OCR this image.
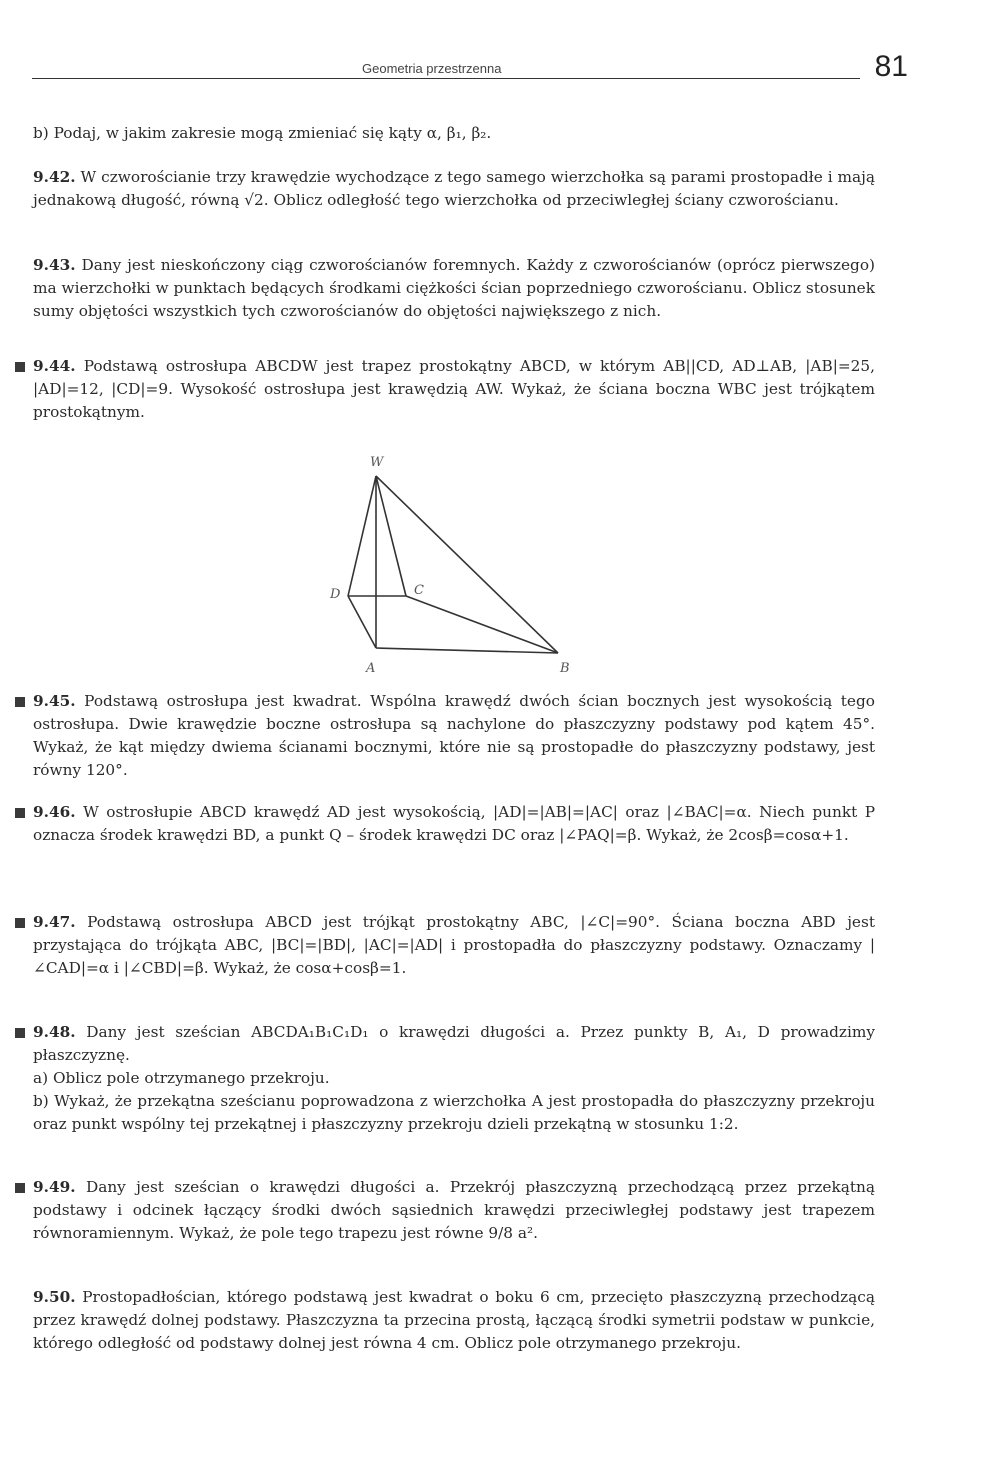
Geometria przestrzenna	81

b) Podaj, w jakim zakresie mogą zmieniać się kąty α, β₁, β₂.

9.42. W czworościanie trzy krawędzie wychodzące z tego samego wierzchołka są parami prostopadłe i mają jednakową długość, równą √2. Oblicz odległość tego wierzchołka od przeciwległej ściany czworościanu.

9.43. Dany jest nieskończony ciąg czworościanów foremnych. Każdy z czworościanów (oprócz pierwszego) ma wierzchołki w punktach będących środkami ciężkości ścian poprzedniego czworościanu. Oblicz stosunek sumy objętości wszystkich tych czworościanów do objętości największego z nich.

9.44. Podstawą ostrosłupa ABCDW jest trapez prostokątny ABCD, w którym AB||CD, AD⊥AB, |AB|=25, |AD|=12, |CD|=9. Wysokość ostrosłupa jest krawędzią AW. Wykaż, że ściana boczna WBC jest trójkątem prostokątnym.

W
D	C
A	B

9.45. Podstawą ostrosłupa jest kwadrat. Wspólna krawędź dwóch ścian bocznych jest wysokością tego ostrosłupa. Dwie krawędzie boczne ostrosłupa są nachylone do płaszczyzny podstawy pod kątem 45°. Wykaż, że kąt między dwiema ścianami bocznymi, które nie są prostopadłe do płaszczyzny podstawy, jest równy 120°.

9.46. W ostrosłupie ABCD krawędź AD jest wysokością, |AD|=|AB|=|AC| oraz |∠BAC|=α. Niech punkt P oznacza środek krawędzi BD, a punkt Q – środek krawędzi DC oraz |∠PAQ|=β. Wykaż, że 2cosβ=cosα+1.

9.47. Podstawą ostrosłupa ABCD jest trójkąt prostokątny ABC, |∠C|=90°. Ściana boczna ABD jest przystająca do trójkąta ABC, |BC|=|BD|, |AC|=|AD| i prostopadła do płaszczyzny podstawy. Oznaczamy |∠CAD|=α i |∠CBD|=β. Wykaż, że cosα+cosβ=1.

9.48. Dany jest sześcian ABCDA₁B₁C₁D₁ o krawędzi długości a. Przez punkty B, A₁, D prowadzimy płaszczyznę.
a) Oblicz pole otrzymanego przekroju.
b) Wykaż, że przekątna sześcianu poprowadzona z wierzchołka A jest prostopadła do płaszczyzny przekroju oraz punkt wspólny tej przekątnej i płaszczyzny przekroju dzieli przekątną w stosunku 1:2.

9.49. Dany jest sześcian o krawędzi długości a. Przekrój płaszczyzną przechodzącą przez przekątną podstawy i odcinek łączący środki dwóch sąsiednich krawędzi przeciwległej podstawy jest trapezem równoramiennym. Wykaż, że pole tego trapezu jest równe 9/8 a².

9.50. Prostopadłościan, którego podstawą jest kwadrat o boku 6 cm, przecięto płaszczyzną przechodzącą przez krawędź dolnej podstawy. Płaszczyzna ta przecina prostą, łączącą środki symetrii podstaw w punkcie, którego odległość od podstawy dolnej jest równa 4 cm. Oblicz pole otrzymanego przekroju.
